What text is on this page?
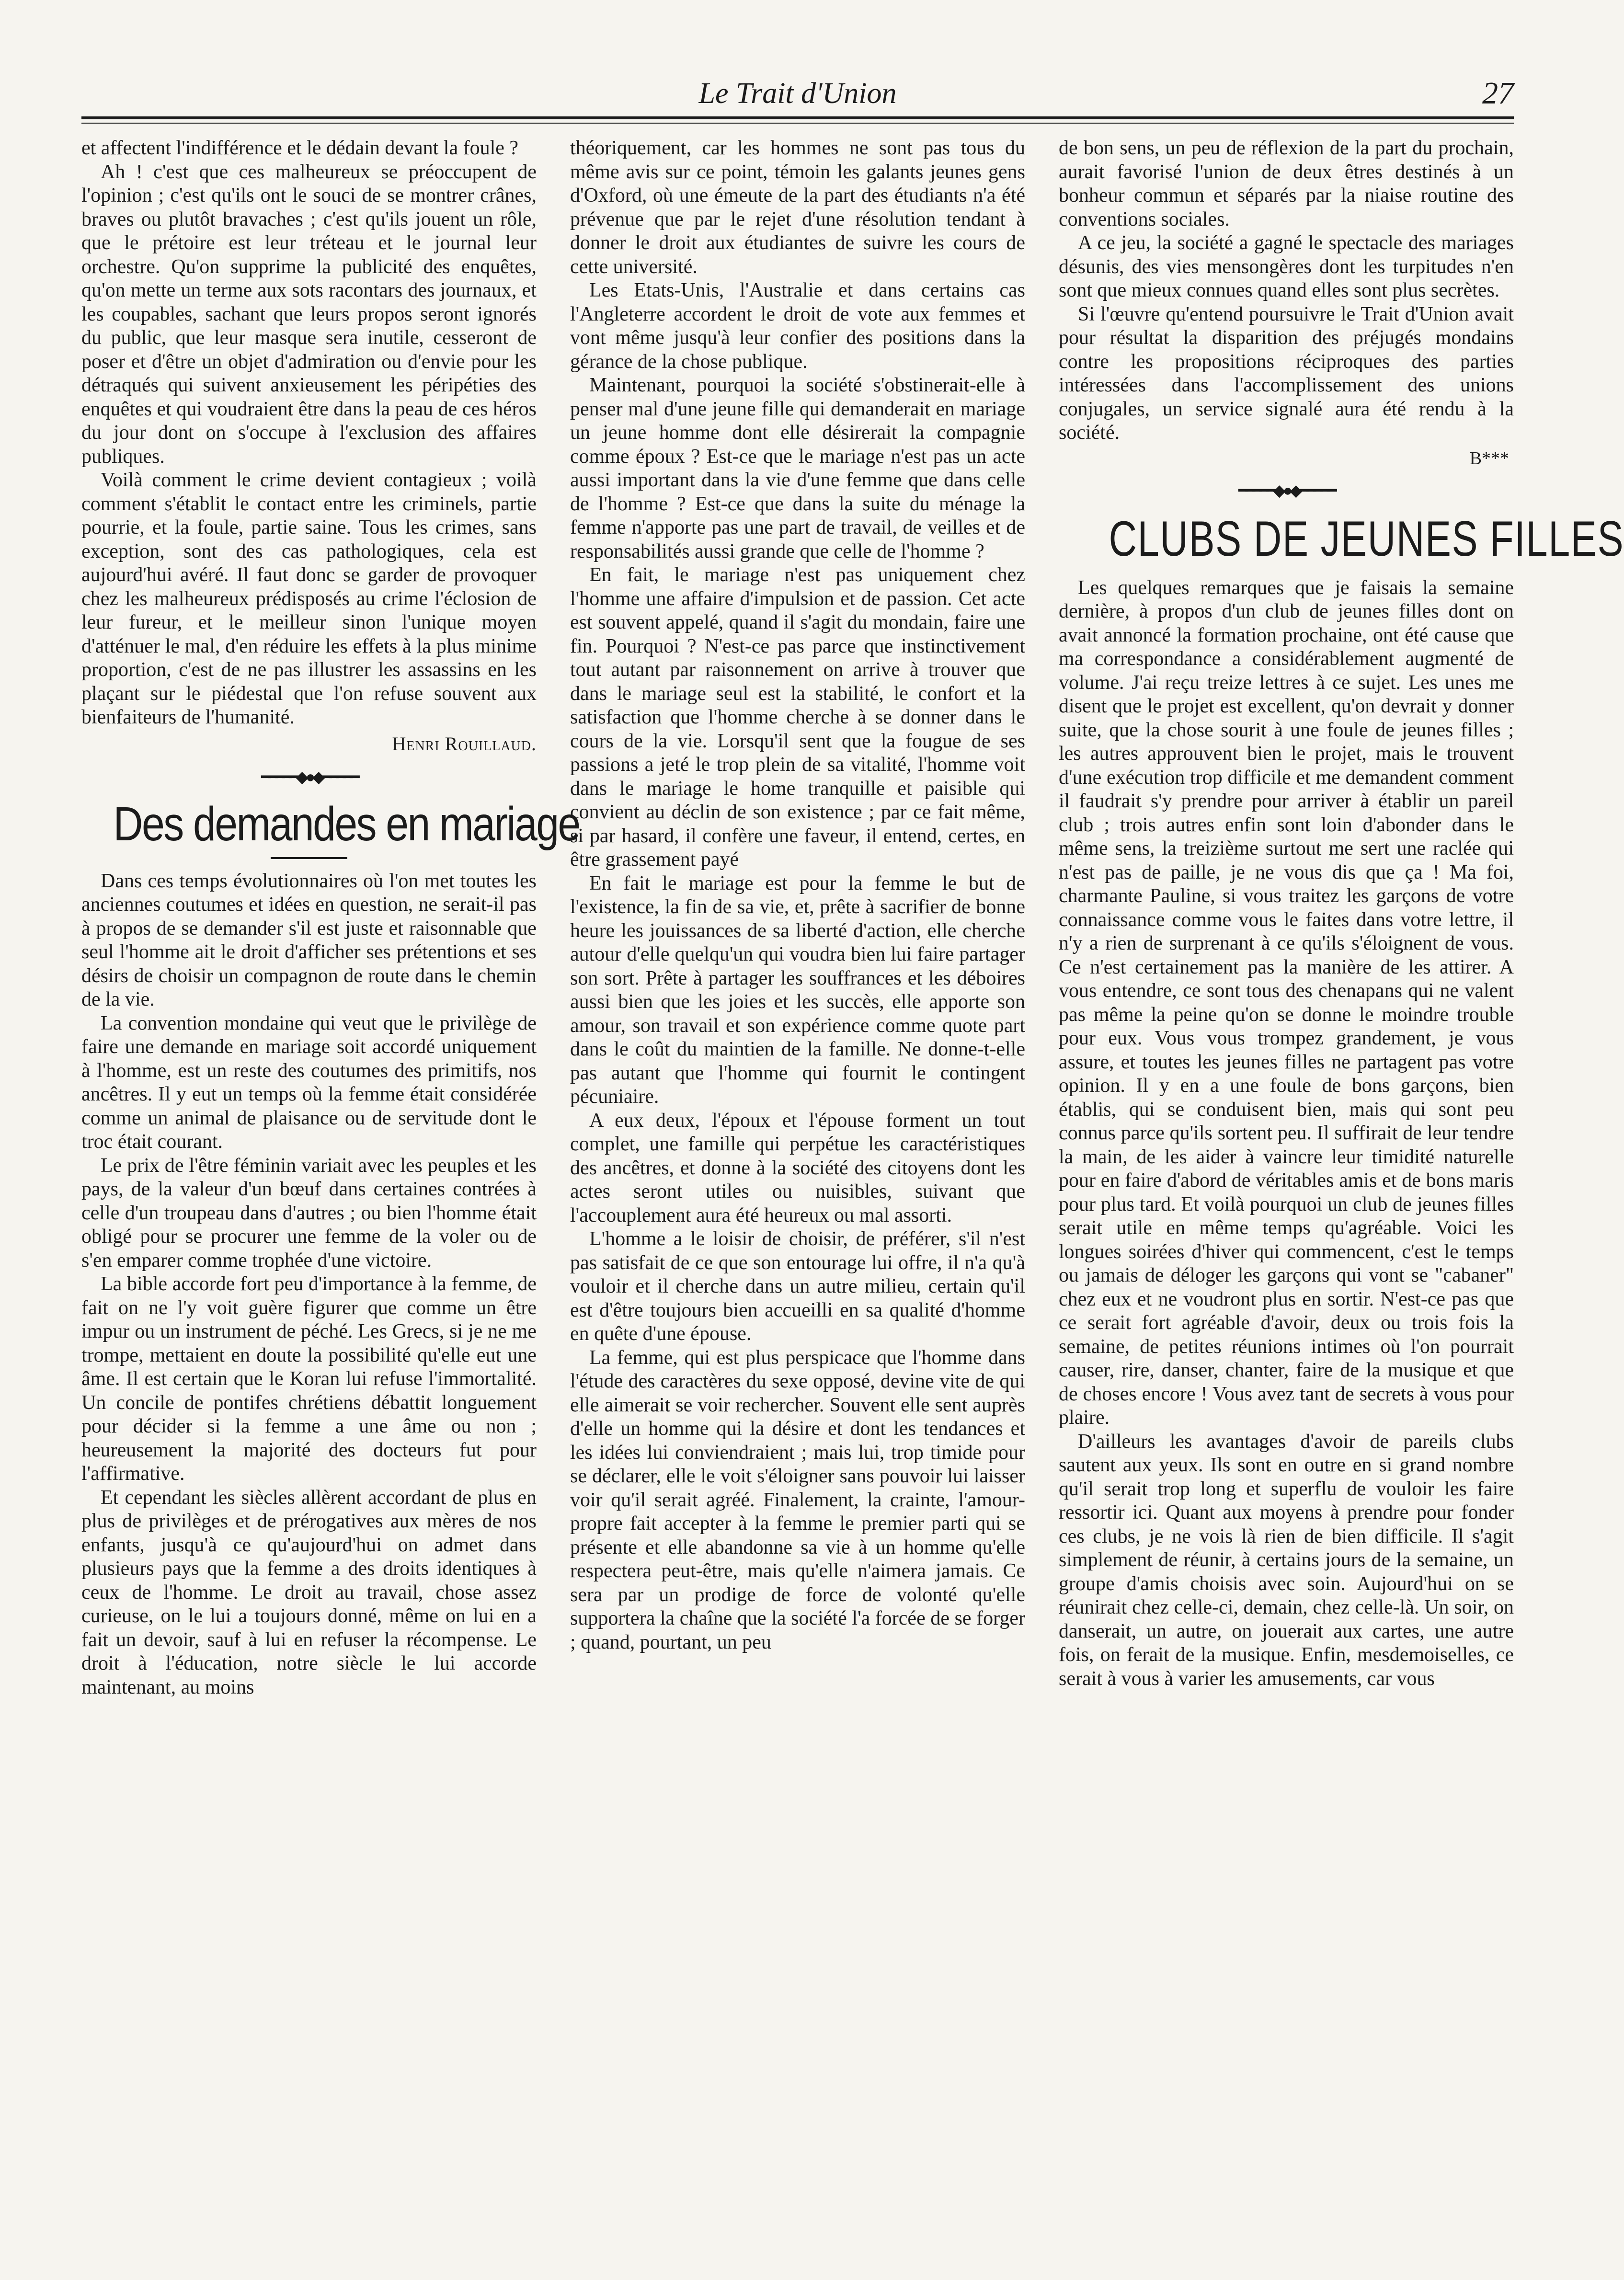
Le Trait d'Union	27

et affectent l'indifférence et le dédain devant la foule ?

Ah ! c'est que ces malheureux se préoccupent de l'opinion ; c'est qu'ils ont le souci de se montrer crânes, braves ou plutôt bravaches ; c'est qu'ils jouent un rôle, que le prétoire est leur tréteau et le journal leur orchestre. Qu'on supprime la publicité des enquêtes, qu'on mette un terme aux sots racontars des journaux, et les coupables, sachant que leurs propos seront ignorés du public, que leur masque sera inutile, cesseront de poser et d'être un objet d'admiration ou d'envie pour les détraqués qui suivent anxieusement les péripéties des enquêtes et qui voudraient être dans la peau de ces héros du jour dont on s'occupe à l'exclusion des affaires publiques.

Voilà comment le crime devient contagieux ; voilà comment s'établit le contact entre les criminels, partie pourrie, et la foule, partie saine. Tous les crimes, sans exception, sont des cas pathologiques, cela est aujourd'hui avéré. Il faut donc se garder de provoquer chez les malheureux prédisposés au crime l'éclosion de leur fureur, et le meilleur sinon l'unique moyen d'atténuer le mal, d'en réduire les effets à la plus minime proportion, c'est de ne pas illustrer les assassins en les plaçant sur le piédestal que l'on refuse souvent aux bienfaiteurs de l'humanité.

Henri Rouillaud.
━━━━━◆●◆━━━━━
Des demandes en mariage

Dans ces temps évolutionnaires où l'on met toutes les anciennes coutumes et idées en question, ne serait-il pas à propos de se demander s'il est juste et raisonnable que seul l'homme ait le droit d'afficher ses prétentions et ses désirs de choisir un compagnon de route dans le chemin de la vie.

La convention mondaine qui veut que le privilège de faire une demande en mariage soit accordé uniquement à l'homme, est un reste des coutumes des primitifs, nos ancêtres. Il y eut un temps où la femme était considérée comme un animal de plaisance ou de servitude dont le troc était courant.

Le prix de l'être féminin variait avec les peuples et les pays, de la valeur d'un bœuf dans certaines contrées à celle d'un troupeau dans d'autres ; ou bien l'homme était obligé pour se procurer une femme de la voler ou de s'en emparer comme trophée d'une victoire.

La bible accorde fort peu d'importance à la femme, de fait on ne l'y voit guère figurer que comme un être impur ou un instrument de péché. Les Grecs, si je ne me trompe, mettaient en doute la possibilité qu'elle eut une âme. Il est certain que le Koran lui refuse l'immortalité. Un concile de pontifes chrétiens débattit longuement pour décider si la femme a une âme ou non ; heureusement la majorité des docteurs fut pour l'affirmative.

Et cependant les siècles allèrent accordant de plus en plus de privilèges et de prérogatives aux mères de nos enfants, jusqu'à ce qu'aujourd'hui on admet dans plusieurs pays que la femme a des droits identiques à ceux de l'homme. Le droit au travail, chose assez curieuse, on le lui a toujours donné, même on lui en a fait un devoir, sauf à lui en refuser la récompense. Le droit à l'éducation, notre siècle le lui accorde maintenant, au moins

théoriquement, car les hommes ne sont pas tous du même avis sur ce point, témoin les galants jeunes gens d'Oxford, où une émeute de la part des étudiants n'a été prévenue que par le rejet d'une résolution tendant à donner le droit aux étudiantes de suivre les cours de cette université.

Les Etats-Unis, l'Australie et dans certains cas l'Angleterre accordent le droit de vote aux femmes et vont même jusqu'à leur confier des positions dans la gérance de la chose publique.

Maintenant, pourquoi la société s'obstinerait-elle à penser mal d'une jeune fille qui demanderait en mariage un jeune homme dont elle désirerait la compagnie comme époux ? Est-ce que le mariage n'est pas un acte aussi important dans la vie d'une femme que dans celle de l'homme ? Est-ce que dans la suite du ménage la femme n'apporte pas une part de travail, de veilles et de responsabilités aussi grande que celle de l'homme ?

En fait, le mariage n'est pas uniquement chez l'homme une affaire d'impulsion et de passion. Cet acte est souvent appelé, quand il s'agit du mondain, faire une fin. Pourquoi ? N'est-ce pas parce que instinctivement tout autant par raisonnement on arrive à trouver que dans le mariage seul est la stabilité, le confort et la satisfaction que l'homme cherche à se donner dans le cours de la vie. Lorsqu'il sent que la fougue de ses passions a jeté le trop plein de sa vitalité, l'homme voit dans le mariage le home tranquille et paisible qui convient au déclin de son existence ; par ce fait même, si par hasard, il confère une faveur, il entend, certes, en être grassement payé

En fait le mariage est pour la femme le but de l'existence, la fin de sa vie, et, prête à sacrifier de bonne heure les jouissances de sa liberté d'action, elle cherche autour d'elle quelqu'un qui voudra bien lui faire partager son sort. Prête à partager les souffrances et les déboires aussi bien que les joies et les succès, elle apporte son amour, son travail et son expérience comme quote part dans le coût du maintien de la famille. Ne donne-t-elle pas autant que l'homme qui fournit le contingent pécuniaire.

A eux deux, l'époux et l'épouse forment un tout complet, une famille qui perpétue les caractéristiques des ancêtres, et donne à la société des citoyens dont les actes seront utiles ou nuisibles, suivant que l'accouplement aura été heureux ou mal assorti.

L'homme a le loisir de choisir, de préférer, s'il n'est pas satisfait de ce que son entourage lui offre, il n'a qu'à vouloir et il cherche dans un autre milieu, certain qu'il est d'être toujours bien accueilli en sa qualité d'homme en quête d'une épouse.

La femme, qui est plus perspicace que l'homme dans l'étude des caractères du sexe opposé, devine vite de qui elle aimerait se voir rechercher. Souvent elle sent auprès d'elle un homme qui la désire et dont les tendances et les idées lui conviendraient ; mais lui, trop timide pour se déclarer, elle le voit s'éloigner sans pouvoir lui laisser voir qu'il serait agréé. Finalement, la crainte, l'amour-propre fait accepter à la femme le premier parti qui se présente et elle abandonne sa vie à un homme qu'elle respectera peut-être, mais qu'elle n'aimera jamais. Ce sera par un prodige de force de volonté qu'elle supportera la chaîne que la société l'a forcée de se forger ; quand, pourtant, un peu

de bon sens, un peu de réflexion de la part du prochain, aurait favorisé l'union de deux êtres destinés à un bonheur commun et séparés par la niaise routine des conventions sociales.

A ce jeu, la société a gagné le spectacle des mariages désunis, des vies mensongères dont les turpitudes n'en sont que mieux connues quand elles sont plus secrètes.

Si l'œuvre qu'entend poursuivre le Trait d'Union avait pour résultat la disparition des préjugés mondains contre les propositions réciproques des parties intéressées dans l'accomplissement des unions conjugales, un service signalé aura été rendu à la société.

B***
━━━━━◆●◆━━━━━
CLUBS DE JEUNES FILLES

Les quelques remarques que je faisais la semaine dernière, à propos d'un club de jeunes filles dont on avait annoncé la formation prochaine, ont été cause que ma correspondance a considérablement augmenté de volume. J'ai reçu treize lettres à ce sujet. Les unes me disent que le projet est excellent, qu'on devrait y donner suite, que la chose sourit à une foule de jeunes filles ; les autres approuvent bien le projet, mais le trouvent d'une exécution trop difficile et me demandent comment il faudrait s'y prendre pour arriver à établir un pareil club ; trois autres enfin sont loin d'abonder dans le même sens, la treizième surtout me sert une raclée qui n'est pas de paille, je ne vous dis que ça ! Ma foi, charmante Pauline, si vous traitez les garçons de votre connaissance comme vous le faites dans votre lettre, il n'y a rien de surprenant à ce qu'ils s'éloignent de vous. Ce n'est certainement pas la manière de les attirer. A vous entendre, ce sont tous des chenapans qui ne valent pas même la peine qu'on se donne le moindre trouble pour eux. Vous vous trompez grandement, je vous assure, et toutes les jeunes filles ne partagent pas votre opinion. Il y en a une foule de bons garçons, bien établis, qui se conduisent bien, mais qui sont peu connus parce qu'ils sortent peu. Il suffirait de leur tendre la main, de les aider à vaincre leur timidité naturelle pour en faire d'abord de véritables amis et de bons maris pour plus tard. Et voilà pourquoi un club de jeunes filles serait utile en même temps qu'agréable. Voici les longues soirées d'hiver qui commencent, c'est le temps ou jamais de déloger les garçons qui vont se "cabaner" chez eux et ne voudront plus en sortir. N'est-ce pas que ce serait fort agréable d'avoir, deux ou trois fois la semaine, de petites réunions intimes où l'on pourrait causer, rire, danser, chanter, faire de la musique et que de choses encore ! Vous avez tant de secrets à vous pour plaire.

D'ailleurs les avantages d'avoir de pareils clubs sautent aux yeux. Ils sont en outre en si grand nombre qu'il serait trop long et superflu de vouloir les faire ressortir ici. Quant aux moyens à prendre pour fonder ces clubs, je ne vois là rien de bien difficile. Il s'agit simplement de réunir, à certains jours de la semaine, un groupe d'amis choisis avec soin. Aujourd'hui on se réunirait chez celle-ci, demain, chez celle-là. Un soir, on danserait, un autre, on jouerait aux cartes, une autre fois, on ferait de la musique. Enfin, mesdemoiselles, ce serait à vous à varier les amusements, car vous
